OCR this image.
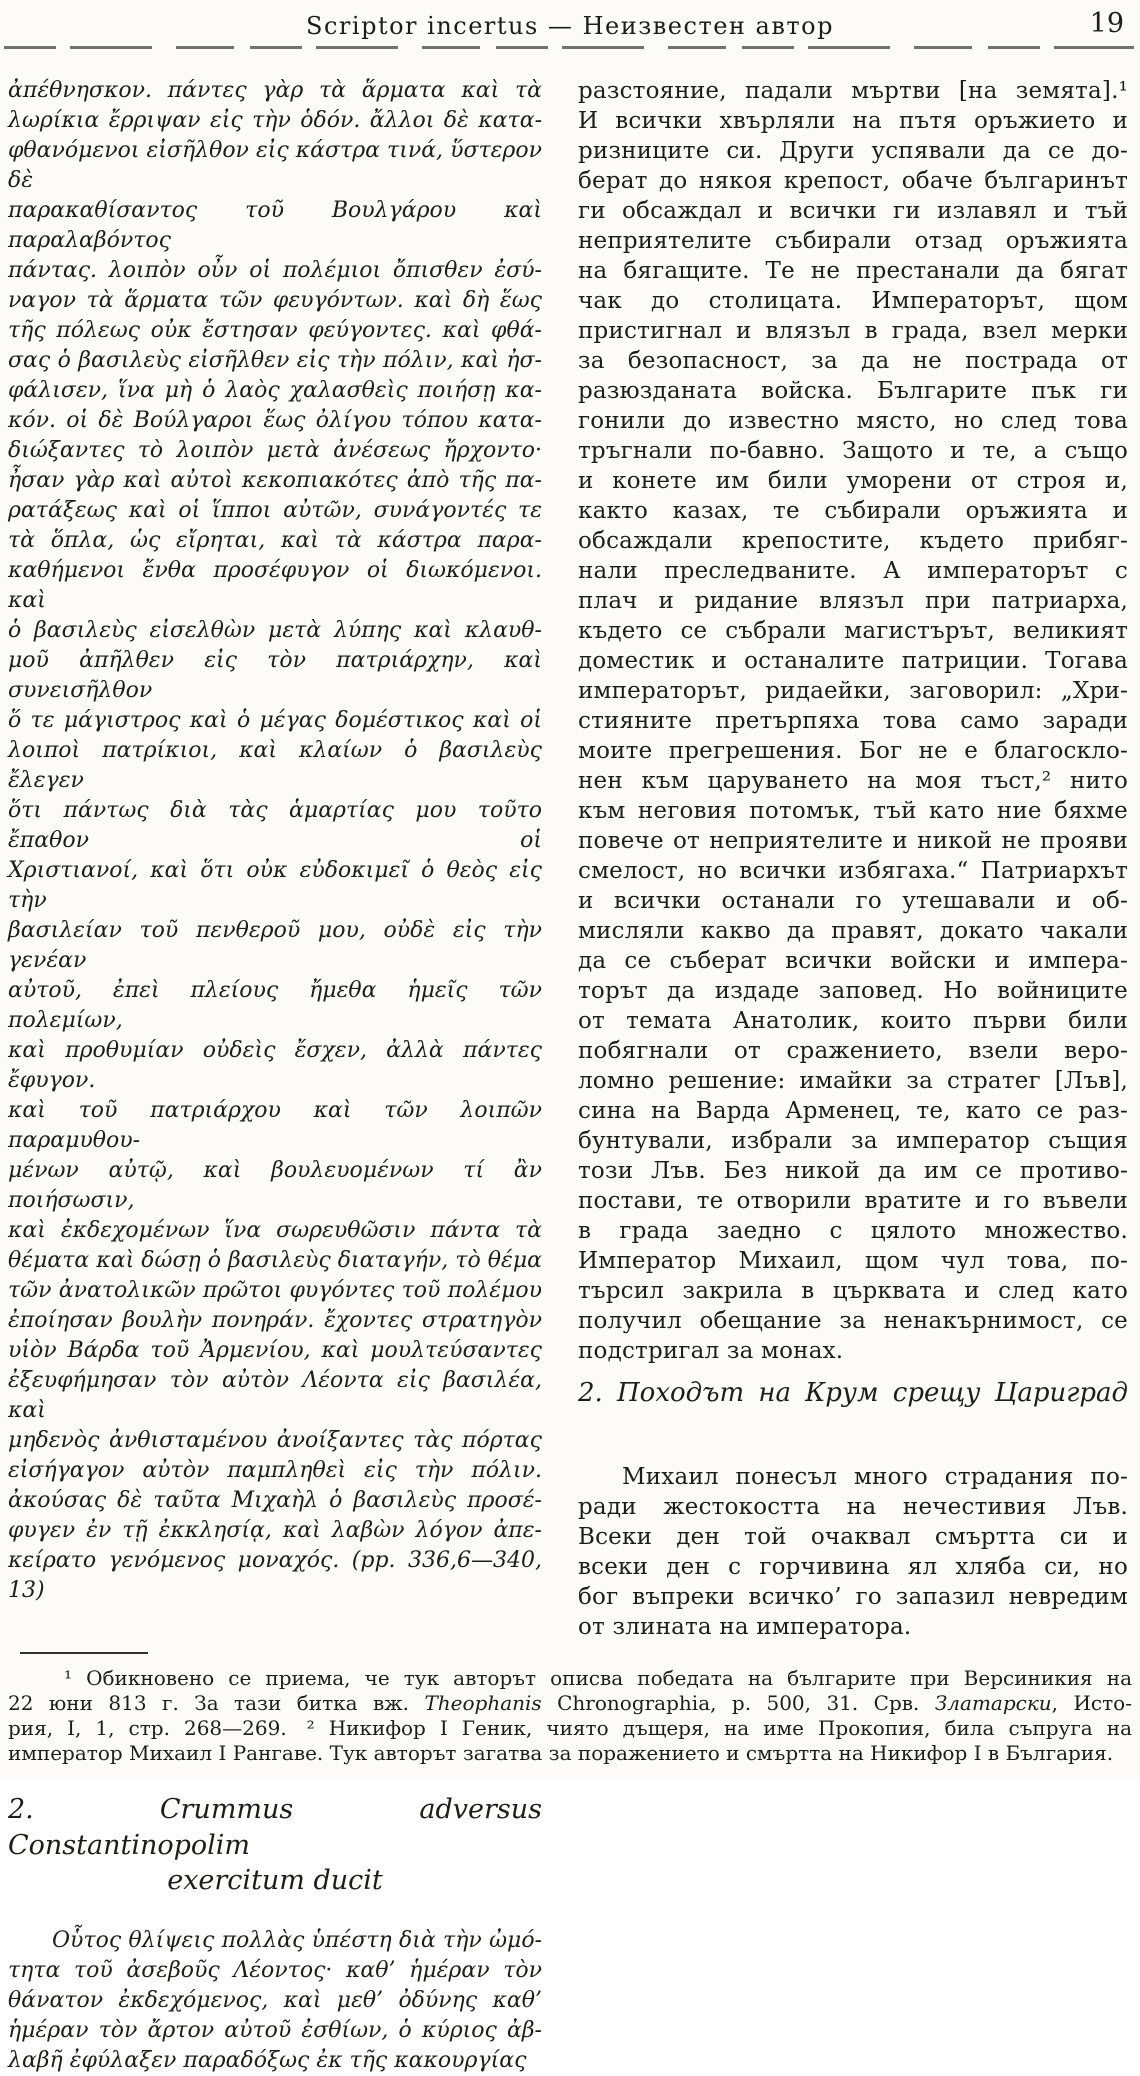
Scriptor incertus — Неизвестен автор	19
ἀπέθνησκον. πάντες γὰρ τὰ ἅρματα καὶ τὰ
λωρίκια ἔρριψαν εἰς τὴν ὁδόν. ἄλλοι δὲ κατα-
φθανόμενοι εἰσῆλθον εἰς κάστρα τινά, ὕστερον δὲ
παρακαθίσαντος τοῦ Βουλγάρου καὶ παραλαβόντος
πάντας. λοιπὸν οὖν οἱ πολέμιοι ὄπισθεν ἐσύ-
ναγον τὰ ἅρματα τῶν φευγόντων. καὶ δὴ ἕως
τῆς πόλεως οὐκ ἔστησαν φεύγοντες. καὶ φθά-
σας ὁ βασιλεὺς εἰσῆλθεν εἰς τὴν πόλιν, καὶ ἠσ-
φάλισεν, ἵνα μὴ ὁ λαὸς χαλασθεὶς ποιήσῃ κα-
κόν. οἱ δὲ Βούλγαροι ἕως ὀλίγου τόπου κατα-
διώξαντες τὸ λοιπὸν μετὰ ἀνέσεως ἤρχοντο·
ἦσαν γὰρ καὶ αὐτοὶ κεκοπιακότες ἀπὸ τῆς πα-
ρατάξεως καὶ οἱ ἵπποι αὐτῶν, συνάγοντές τε
τὰ ὅπλα, ὡς εἴρηται, καὶ τὰ κάστρα παρα-
καθήμενοι ἔνθα προσέφυγον οἱ διωκόμενοι. καὶ
ὁ βασιλεὺς εἰσελθὼν μετὰ λύπης καὶ κλαυθ-
μοῦ ἀπῆλθεν εἰς τὸν πατριάρχην, καὶ συνεισῆλθον
ὅ τε μάγιστρος καὶ ὁ μέγας δομέστικος καὶ οἱ
λοιποὶ πατρίκιοι, καὶ κλαίων ὁ βασιλεὺς ἔλεγεν
ὅτι πάντως διὰ τὰς ἁμαρτίας μου τοῦτο ἔπαθον οἱ
Χριστιανοί, καὶ ὅτι οὐκ εὐδοκιμεῖ ὁ θεὸς εἰς τὴν
βασιλείαν τοῦ πενθεροῦ μου, οὐδὲ εἰς τὴν γενέαν
αὐτοῦ, ἐπεὶ πλείους ἤμεθα ἡμεῖς τῶν πολεμίων,
καὶ προθυμίαν οὐδεὶς ἔσχεν, ἀλλὰ πάντες ἔφυγον.
καὶ τοῦ πατριάρχου καὶ τῶν λοιπῶν παραμυθου-
μένων αὐτῷ, καὶ βουλευομένων τί ἂν ποιήσωσιν,
καὶ ἐκδεχομένων ἵνα σωρευθῶσιν πάντα τὰ
θέματα καὶ δώσῃ ὁ βασιλεὺς διαταγήν, τὸ θέμα
τῶν ἀνατολικῶν πρῶτοι φυγόντες τοῦ πολέμου
ἐποίησαν βουλὴν πονηράν. ἔχοντες στρατηγὸν
υἱὸν Βάρδα τοῦ Ἀρμενίου, καὶ μουλτεύσαντες
ἐξευφήμησαν τὸν αὐτὸν Λέοντα εἰς βασιλέα, καὶ
μηδενὸς ἀνθισταμένου ἀνοίξαντες τὰς πόρτας
εἰσήγαγον αὐτὸν παμπληθεὶ εἰς τὴν πόλιν.
ἀκούσας δὲ ταῦτα Μιχαὴλ ὁ βασιλεὺς προσέ-
φυγεν ἐν τῇ ἐκκλησίᾳ, καὶ λαβὼν λόγον ἀπε-
κείρατο γενόμενος μοναχός. (pp. 336,6—340, 13)
2. Crummus adversus Constantinopolim
exercitum ducit
Οὗτος θλίψεις πολλὰς ὑπέστη διὰ τὴν ὠμό-
τητα τοῦ ἀσεβοῦς Λέοντος· καθ’ ἡμέραν τὸν
θάνατον ἐκδεχόμενος, καὶ μεθ’ ὀδύνης καθ’
ἡμέραν τὸν ἄρτον αὐτοῦ ἐσθίων, ὁ κύριος ἀβ-
λαβῆ ἐφύλαξεν παραδόξως ἐκ τῆς κακουργίας
разстояние, падали мъртви [на земята].¹
И всички хвърляли на пътя оръжието и
ризниците си. Други успявали да се до-
берат до някоя крепост, обаче българинът
ги обсаждал и всички ги излавял и тъй
неприятелите събирали отзад оръжията
на бягащите. Те не престанали да бягат
чак до столицата. Императорът, щом
пристигнал и влязъл в града, взел мерки
за безопасност, за да не пострада от
разюзданата войска. Българите пък ги
гонили до известно място, но след това
тръгнали по-бавно. Защото и те, а също
и конете им били уморени от строя и,
както казах, те събирали оръжията и
обсаждали крепостите, където прибяг-
нали преследваните. А императорът с
плач и ридание влязъл при патриарха,
където се събрали магистърът, великият
доместик и останалите патриции. Тогава
императорът, ридаейки, заговорил: „Хри-
стияните претърпяха това само заради
моите прегрешения. Бог не е благоскло-
нен към царуването на моя тъст,² нито
към неговия потомък, тъй като ние бяхме
повече от неприятелите и никой не прояви
смелост, но всички избягаха.“ Патриархът
и всички останали го утешавали и об-
мисляли какво да правят, докато чакали
да се съберат всички войски и импера-
торът да издаде заповед. Но войниците
от темата Анатолик, които първи били
побягнали от сражението, взели веро-
ломно решение: имайки за стратег [Лъв],
сина на Варда Арменец, те, като се раз-
бунтували, избрали за император същия
този Лъв. Без никой да им се противо-
постави, те отворили вратите и го въвели
в града заедно с цялото множество.
Император Михаил, щом чул това, по-
търсил закрила в църквата и след като
получил обещание за ненакърнимост, се
подстригал за монах.
2. Походът на Крум срещу Цариград
Михаил понесъл много страдания по-
ради жестокостта на нечестивия Лъв.
Всеки ден той очаквал смъртта си и
всеки ден с горчивина ял хляба си, но
бог въпреки всичко’ го запазил невредим
от злината на императора.
¹ Обикновено се приема, че тук авторът описва победата на българите при Версиникия на
22 юни 813 г. За тази битка вж. Theophanis Chronographia, p. 500, 31. Срв. Златарски, Исто-
рия, I, 1, стр. 268—269. ² Никифор I Геник, чиято дъщеря, на име Прокопия, била съпруга на
император Михаил I Рангаве. Тук авторът загатва за поражението и смъртта на Никифор I в България.
